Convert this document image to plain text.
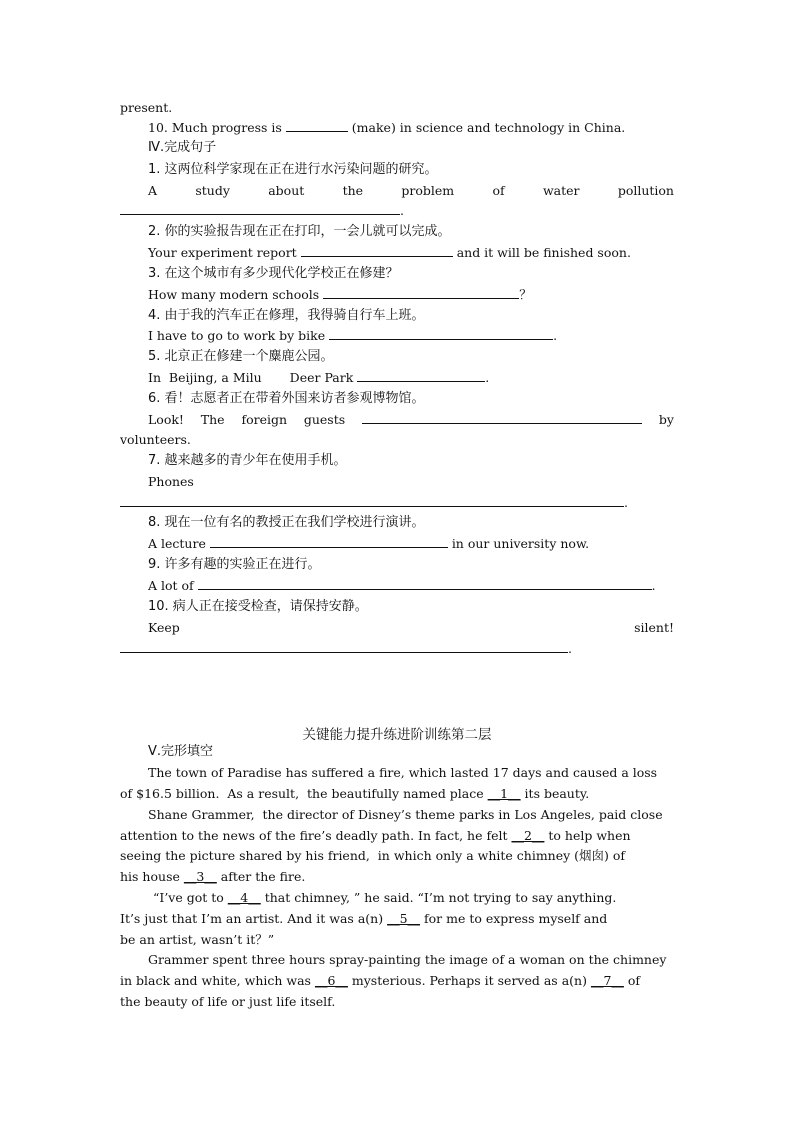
present.
10. Much progress is	(make) in science and technology in China.
Ⅳ.完成句子
1. 这两位科学家现在正在进行水污染问题的研究。
A	study	about	the	problem	of	water	pollution
.
2. 你的实验报告现在正在打印，一会儿就可以完成。
Your experiment report	and it will be finished soon.
3. 在这个城市有多少现代化学校正在修建？
How many modern schools	？
4. 由于我的汽车正在修理，我得骑自行车上班。
I have to go to work by bike	.
5. 北京正在修建一个麋鹿公园。
In  Beijing, a Milu Deer Park	.
6. 看！志愿者正在带着外国来访者参观博物馆。
Look! The foreign guests	by
volunteers.
7. 越来越多的青少年在使用手机。
Phones
.
8. 现在一位有名的教授正在我们学校进行演讲。
A lecture	in our university now.
9. 许多有趣的实验正在进行。
A lot of	.
10. 病人正在接受检查，请保持安静。
Keep	silent!
.
关键能力提升练进阶训练第二层
Ⅴ.完形填空
The town of Paradise has suffered a fire, which lasted 17 days and caused a loss
of $16.5 billion.  As a result,  the beautifully named place __1__ its beauty.
Shane Grammer,  the director of Disney’s theme parks in Los Angeles, paid close
attention to the news of the fire’s deadly path. In fact, he felt __2__ to help when
seeing the picture shared by his friend,  in which only a white chimney (烟囱) of
his house __3__ after the fire.
“I’ve got to __4__ that chimney, ” he said. “I’m not trying to say anything.
It’s just that I’m an artist. And it was a(n) __5__ for me to express myself and
be an artist, wasn’t it？”
Grammer spent three hours spray-painting the image of a woman on the chimney
in black and white, which was __6__ mysterious. Perhaps it served as a(n) __7__ of
the beauty of life or just life itself.
